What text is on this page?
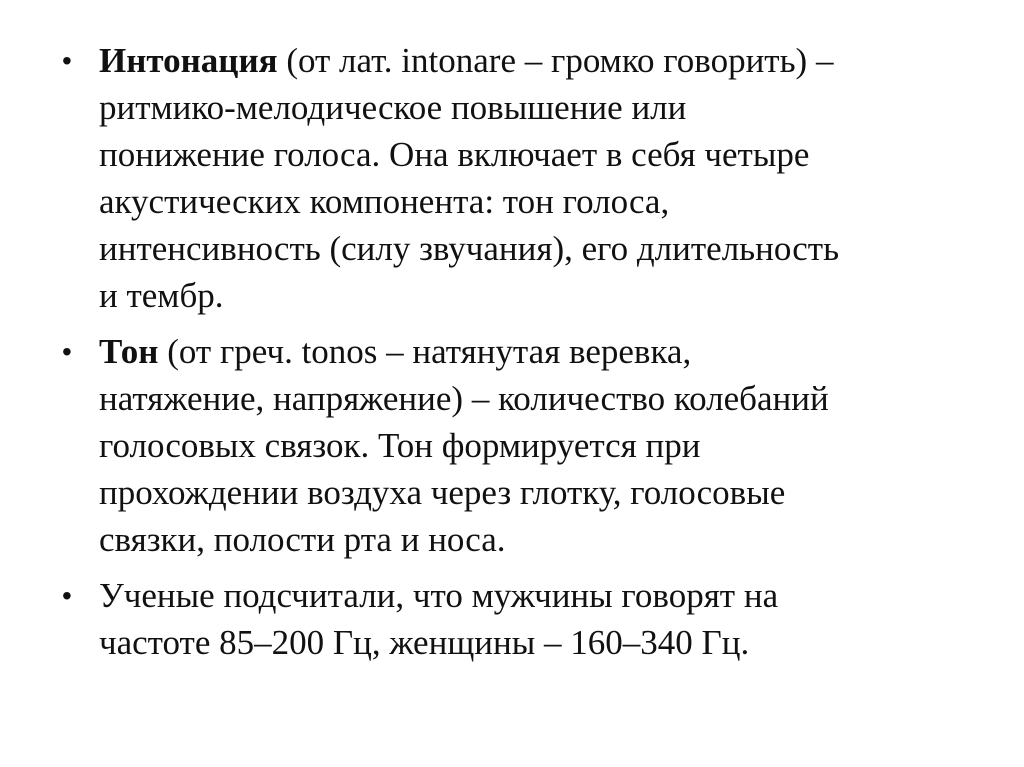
• Интонация (от лат. intonare – громко говорить) –
ритмико-мелодическое повышение или
понижение голоса. Она включает в себя четыре
акустических компонента: тон голоса,
интенсивность (силу звучания), его длительность
и тембр.
• Тон (от греч. tonos – натянутая веревка,
натяжение, напряжение) – количество колебаний
голосовых связок. Тон формируется при
прохождении воздуха через глотку, голосовые
связки, полости рта и носа.
• Ученые подсчитали, что мужчины говорят на
частоте 85–200 Гц, женщины – 160–340 Гц.
